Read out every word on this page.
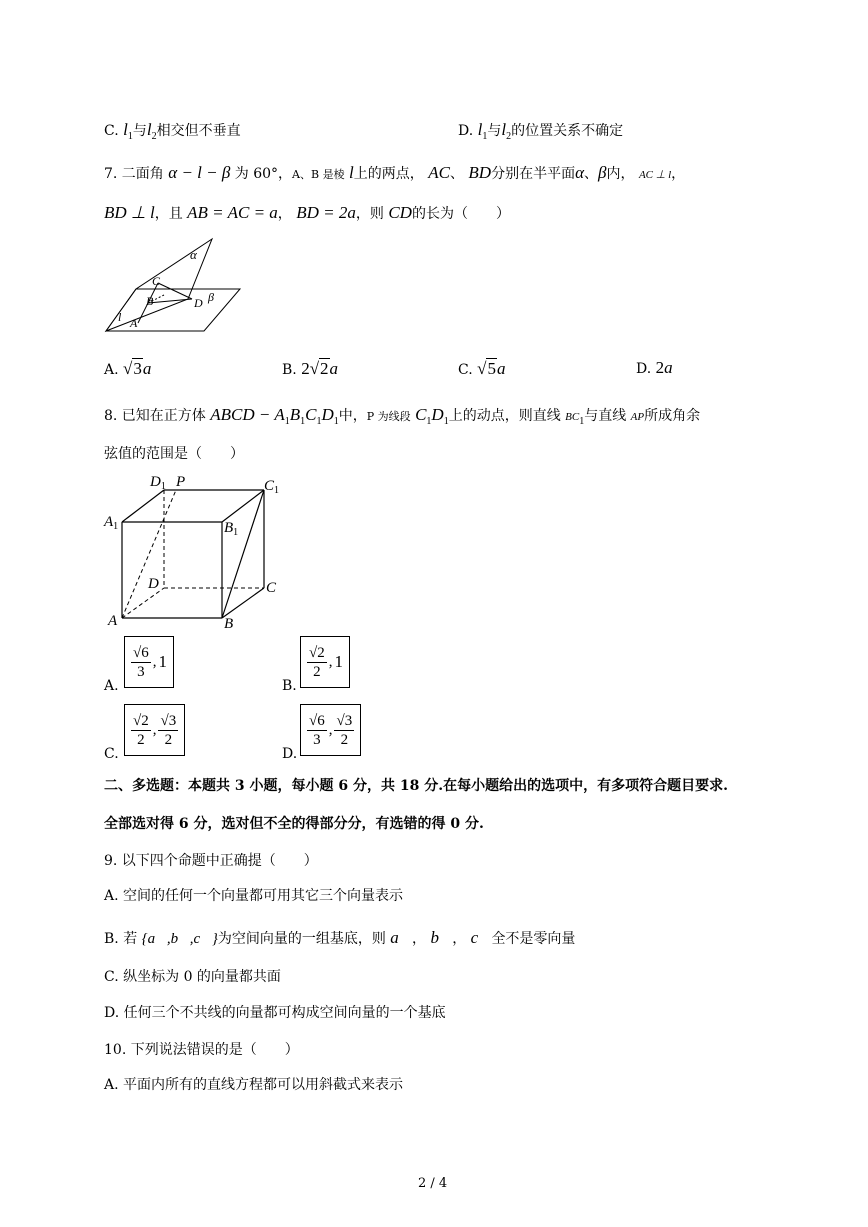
C. $l_1$与$l_2$相交但不垂直	D. $l_1$与$l_2$的位置关系不确定
7. 二面角 α − l − β 为 60°，A、B 是棱 l上的两点， AC、 BD分别在半平面α、β内， AC ⊥ l，
BD ⊥ l，且 AB = AC = a， BD = 2a，则 CD的长为（　　）
α
C
B	D β
l A
A. √3a	B. 2√2a	C. √5a	D. 2a
8. 已知在正方体 ABCD − $A_1B_1C_1D_1$中，P 为线段 $C_1D_1$上的动点，则直线 BC1与直线 AP所成角余
弦值的范围是（　　）
$D_1$ P	$C_1$
$A_1$	$B_1$
D	C
A	B
A.
$\frac{√6}{3}$ , 1
B.
$\frac{√2}{2}$ , 1
C.
$\frac{√2}{2}$ , $\frac{√3}{2}$
D.
$\frac{√6}{3}$ , $\frac{√3}{2}$
二、多选题：本题共 3 小题，每小题 6 分，共 18 分.在每小题给出的选项中，有多项符合题目要求.
全部选对得 6 分，选对但不全的得部分分，有选错的得 0 分.
9. 以下四个命题中正确提（　　）
A. 空间的任何一个向量都可用其它三个向量表示
B. 若 {a⃗,b⃗,c⃗}为空间向量的一组基底，则 a⃗， b⃗， c⃗全不是零向量
C. 纵坐标为 0 的向量都共面
D. 任何三个不共线的向量都可构成空间向量的一个基底
10. 下列说法错误的是（　　）
A. 平面内所有的直线方程都可以用斜截式来表示
2 / 4
